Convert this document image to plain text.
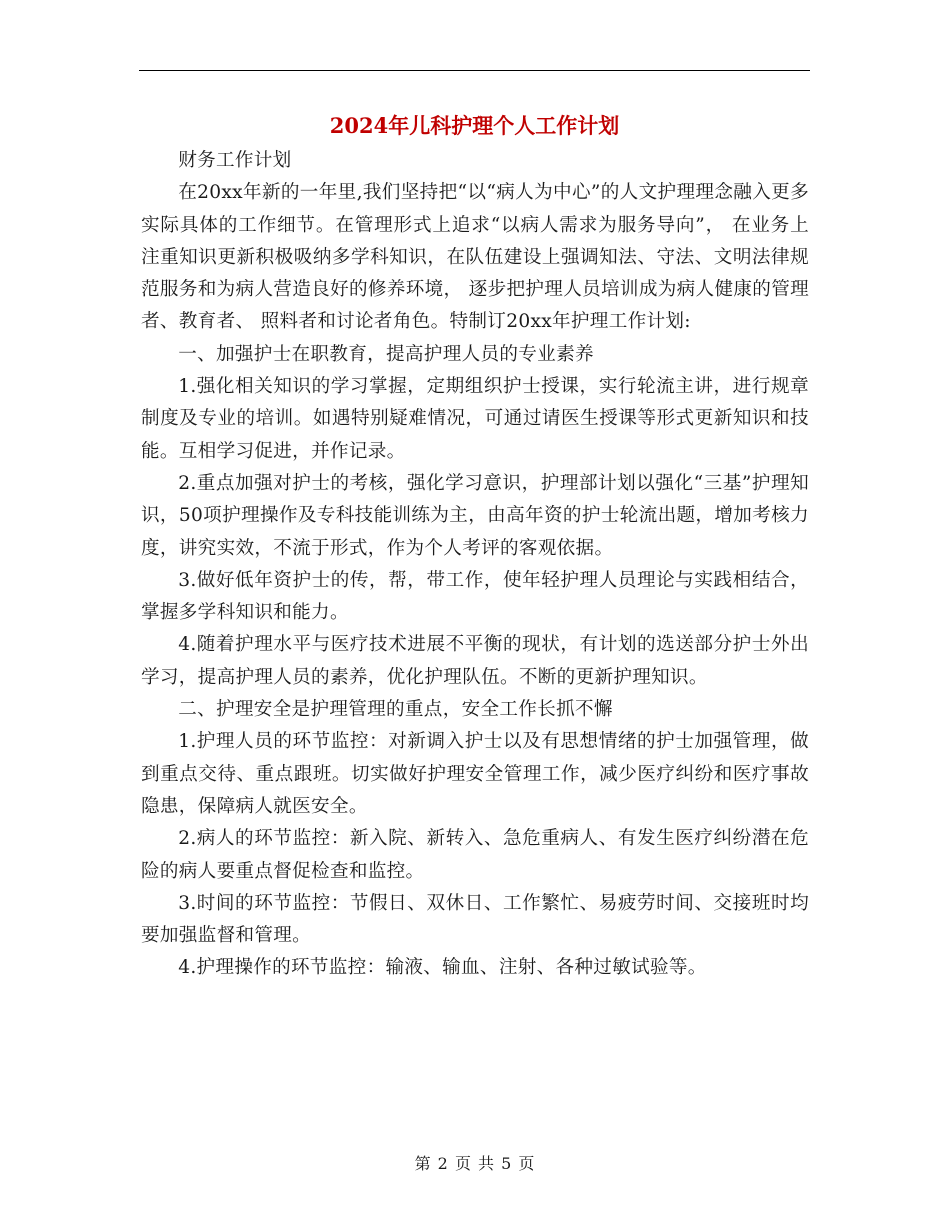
2024年儿科护理个人工作计划

财务工作计划

在20xx年新的一年里,我们坚持把“以“病人为中心”的人文护理理念融入更多实际具体的工作细节。在管理形式上追求“以病人需求为服务导向”， 在业务上注重知识更新积极吸纳多学科知识，在队伍建设上强调知法、守法、文明法律规范服务和为病人营造良好的修养环境， 逐步把护理人员培训成为病人健康的管理者、教育者、 照料者和讨论者角色。特制订20xx年护理工作计划:

一、加强护士在职教育，提高护理人员的专业素养

1.强化相关知识的学习掌握，定期组织护士授课，实行轮流主讲，进行规章制度及专业的培训。如遇特别疑难情况，可通过请医生授课等形式更新知识和技能。互相学习促进，并作记录。

2.重点加强对护士的考核，强化学习意识，护理部计划以强化“三基”护理知识，50项护理操作及专科技能训练为主，由高年资的护士轮流出题，增加考核力度，讲究实效，不流于形式，作为个人考评的客观依据。

3.做好低年资护士的传，帮，带工作，使年轻护理人员理论与实践相结合，掌握多学科知识和能力。

4.随着护理水平与医疗技术进展不平衡的现状，有计划的选送部分护士外出学习，提高护理人员的素养，优化护理队伍。不断的更新护理知识。

二、护理安全是护理管理的重点，安全工作长抓不懈

1.护理人员的环节监控：对新调入护士以及有思想情绪的护士加强管理，做到重点交待、重点跟班。切实做好护理安全管理工作，减少医疗纠纷和医疗事故隐患，保障病人就医安全。

2.病人的环节监控：新入院、新转入、急危重病人、有发生医疗纠纷潜在危险的病人要重点督促检查和监控。

3.时间的环节监控：节假日、双休日、工作繁忙、易疲劳时间、交接班时均要加强监督和管理。

4.护理操作的环节监控：输液、输血、注射、各种过敏试验等。

第 2 页 共 5 页
